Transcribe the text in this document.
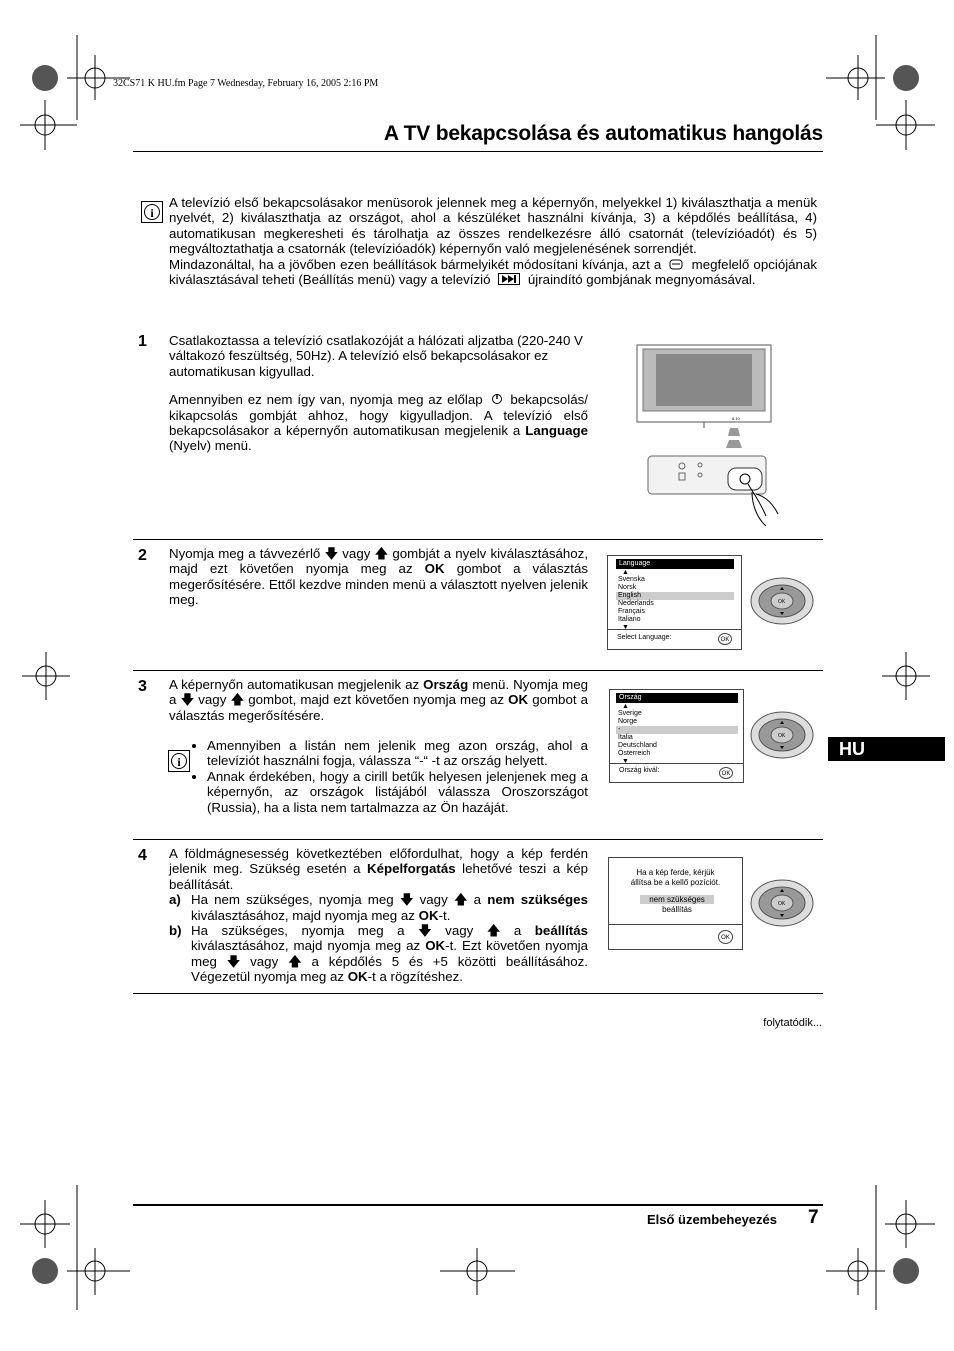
32CS71 K HU.fm Page 7 Wednesday, February 16, 2005 2:16 PM
A TV bekapcsolása és automatikus hangolás
i
A televízió első bekapcsolásakor menüsorok jelennek meg a képernyőn, melyekkel 1) kiválaszthatja a menük nyelvét, 2) kiválaszthatja az országot, ahol a készüléket használni kívánja, 3) a képdőlés beállítása, 4) automatikusan megkeresheti és tárolhatja az összes rendelkezésre álló csatornát (televízióadót) és 5) megváltoztathatja a csatornák (televízióadók) képernyőn való megjelenésének sorrendjét.
Mindazonáltal, ha a jövőben ezen beállítások bármelyikét módosítani kívánja, azt a megfelelő opciójának kiválasztásával teheti (Beállítás menü) vagy a televízió	újraindító gombjának megnyomásával.
1 Csatlakoztassa a televízió csatlakozóját a hálózati aljzatba (220-240 V váltakozó feszültség, 50Hz). A televízió első bekapcsolásakor ez automatikusan kigyullad.
Amennyiben ez nem így van, nyomja meg az előlap bekapcsolás/ kikapcsolás gombját ahhoz, hogy kigyulladjon. A televízió első bekapcsolásakor a képernyőn automatikusan megjelenik a Language (Nyelv) menü.
8.10
2 Nyomja meg a távvezérlő 🡇 vagy 🡅 gombját a nyelv kiválasztásához, majd ezt követően nyomja meg az OK gombot a választás megerősítésére. Ettől kezdve minden menü a választott nyelven jelenik meg.
Language
▲
Svenska
Norsk
English
Nederlands
Français
Italiano
▼
Select Language:	OK
OK
OK
OK
3 A képernyőn automatikusan megjelenik az Ország menü. Nyomja meg a 🡇 vagy 🡅 gombot, majd ezt követően nyomja meg az OK gombot a választás megerősítésére.
i
• Amennyiben a listán nem jelenik meg azon ország, ahol a televíziót használni fogja, válassza “-“ -t az ország helyett.
• Annak érdekében, hogy a cirill betűk helyesen jelenjenek meg a képernyőn, az országok listájából válassza Oroszországot (Russia), ha a lista nem tartalmazza az Ön hazáját.
Ország
▲
Sverige
Norge
-
Italia
Deutschland
Österreich
▼
Ország kivál:	OK
HU
4 A földmágnesesség következtében előfordulhat, hogy a kép ferdén jelenik meg. Szükség esetén a Képelforgatás lehetővé teszi a kép beállítását.
a) Ha nem szükséges, nyomja meg 🡇 vagy 🡅 a nem szükséges kiválasztásához, majd nyomja meg az OK-t.
b) Ha szükséges, nyomja meg a 🡇 vagy 🡅 a beállítás kiválasztásához, majd nyomja meg az OK-t. Ezt követően nyomja meg 🡇 vagy 🡅 a képdőlés 5 és +5 közötti beállításához. Végezetül nyomja meg az OK-t a rögzítéshez.
Ha a kép ferde, kérjük
állítsa be a kellő pozíciót.
nem szükséges
beállítás
OK
folytatódik...
Első üzembeheyezés 7
